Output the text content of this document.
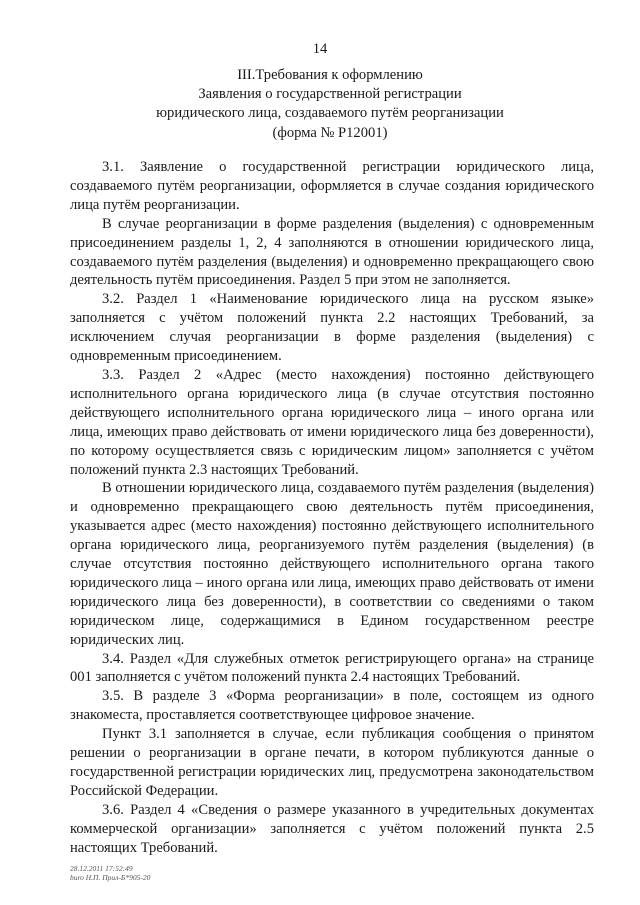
14
III.Требования к оформлению
Заявления о государственной регистрации
юридического лица, создаваемого путём реорганизации
(форма № Р12001)

3.1. Заявление о государственной регистрации юридического лица, создаваемого путём реорганизации, оформляется в случае создания юридического лица путём реорганизации.

В случае реорганизации в форме разделения (выделения) с одновременным присоединением разделы 1, 2, 4 заполняются в отношении юридического лица, создаваемого путём разделения (выделения) и одновременно прекращающего свою деятельность путём присоединения. Раздел 5 при этом не заполняется.

3.2. Раздел 1 «Наименование юридического лица на русском языке» заполняется с учётом положений пункта 2.2 настоящих Требований, за исключением случая реорганизации в форме разделения (выделения) с одновременным присоединением.

3.3. Раздел 2 «Адрес (место нахождения) постоянно действующего исполнительного органа юридического лица (в случае отсутствия постоянно действующего исполнительного органа юридического лица – иного органа или лица, имеющих право действовать от имени юридического лица без доверенности), по которому осуществляется связь с юридическим лицом» заполняется с учётом положений пункта 2.3 настоящих Требований.

В отношении юридического лица, создаваемого путём разделения (выделения) и одновременно прекращающего свою деятельность путём присоединения, указывается адрес (место нахождения) постоянно действующего исполнительного органа юридического лица, реорганизуемого путём разделения (выделения) (в случае отсутствия постоянно действующего исполнительного органа такого юридического лица – иного органа или лица, имеющих право действовать от имени юридического лица без доверенности), в соответствии со сведениями о таком юридическом лице, содержащимися в Едином государственном реестре юридических лиц.

3.4. Раздел «Для служебных отметок регистрирующего органа» на странице 001 заполняется с учётом положений пункта 2.4 настоящих Требований.

3.5. В разделе 3 «Форма реорганизации» в поле, состоящем из одного знакоместа, проставляется соответствующее цифровое значение.

Пункт 3.1 заполняется в случае, если публикация сообщения о принятом решении о реорганизации в органе печати, в котором публикуются данные о государственной регистрации юридических лиц, предусмотрена законодательством Российской Федерации.

3.6. Раздел 4 «Сведения о размере указанного в учредительных документах коммерческой организации» заполняется с учётом положений пункта 2.5 настоящих Требований.

28.12.2011 17:52:49
buro Н.П. Прил-Б*905-20
